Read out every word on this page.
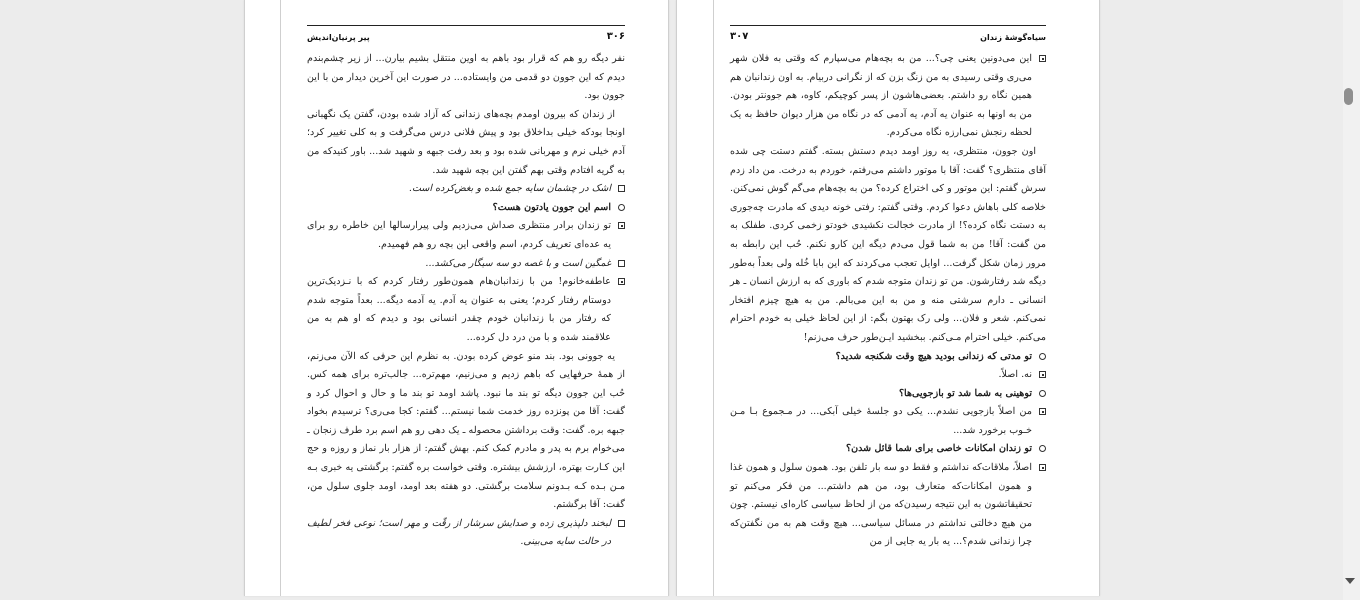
۳۰۶
پیر پرنیان‌اندیش

نفر دیگه رو هم که قرار بود باهم به اوین منتقل بشیم بیارن... از زیر چشم‌بندم دیدم که این جوون دو قدمی من وایستاده... در صورت این آخرین دیدار من با این جوون بود.

از زندان که بیرون اومدم بچه‌های زندانی که آزاد شده بودن، گفتن یک نگهبانی اونجا بودکه خیلی بداخلاق بود و پیش فلانی درس می‌گرفت و به کلی تغییر کرد؛ آدم خیلی نرم و مهربانی شده بود و بعد رفت جبهه و شهید شد... باور کنیدکه من به گریه افتادم وقتی بهم گفتن این بچه شهید شد.

اشک در چشمان سایه جمع شده و بغض‌کرده است.
اسم این جوون یادتون هست؟
تو زندان برادر منتظری صداش می‌زدیم ولی پیرارسالها این خاطره رو برای یه عده‌ای تعریف کردم، اسم واقعی این بچه رو هم فهمیدم.
غمگین است و با غصه دو سه سیگار می‌کشد...
عاطفه‌خانوم! من با زندانبان‌هام همون‌طور رفتار کردم که با نـزدیک‌ترین دوستام رفتار کردم؛ یعنی به عنوان یه آدم. یه آدمه دیگه... بعداً متوجه شدم که رفتار من با زندانبان خودم چقدر انسانی بود و دیدم که او هم به من علاقمند شده و با من درد دل کرده...

یه جوونی بود. بند منو عوض کرده بودن. به نظرم این حرفی که الآن می‌زنم، از همهٔ حرفهایی که باهم زدیم و می‌زنیم، مهم‌تره... جالب‌تره برای همه کس. حُب این جوون دیگه تو بند ما نبود. پاشد اومد تو بند ما و حال و احوال کرد و گفت: آقا من پونزده روز خدمت شما نیستم... گفتم: کجا می‌ری؟ ترسیدم بخواد جبهه بره. گفت: وقت برداشتن محصوله ـ یک دهی رو هم اسم برد طرف زنجان ـ می‌خوام برم به پدر و مادرم کمک کنم. بهش گفتم: از هزار بار نماز و روزه و حج این کـارت بهتره، ارزشش بیشتره. وقتی خواست بره گفتم: برگشتی یه خبری بـه مـن بـده کـه بـدونم سلامت برگشتی. دو هفته بعد اومد، اومد جلوی سلول من، گفت: آقا برگشتم.

لبخند دلپذیری زده و صدایش سرشار از رقّت و مهر است؛ نوعی فخر لطیف در حالت سایه می‌بینی.
سیاه‌گوشهٔ زندان
۳۰۷
این می‌دونین یعنی چی؟... من به بچه‌هام می‌سپارم که وقتی به فلان شهر می‌ری وقتی رسیدی به من زنگ بزن که از نگرانی دربیام. به اون زندانبان هم همین نگاه رو داشتم. بعضی‌هاشون از پسر کوچیکم، کاوه، هم جوونتر بودن. من به اونها به عنوان یه آدم، یه آدمی که در نگاه من هزار دیوان حافظ به یک لحظه رنجش نمی‌ارزه نگاه می‌کردم.

اون جوون، منتظری، یه روز اومد دیدم دستش بسته. گفتم دستت چی شده آقای منتظری؟ گفت: آقا با موتور داشتم می‌رفتم، خوردم به درخت. من داد زدم سرش گفتم: این موتور و کی اختراع کرده؟ من به بچه‌هام می‌گم گوش نمی‌کنن. خلاصه کلی باهاش دعوا کردم. وقتی گفتم: رفتی خونه دیدی که مادرت چه‌جوری به دستت نگاه کرده؟! از مادرت خجالت نکشیدی خودتو زخمی کردی. طفلک به من گفت: آقا! من به شما قول می‌دم دیگه این کارو نکنم. حُب این رابطه به مرور زمان شکل گرفت... اوایل تعجب می‌کردند که این بابا خُله ولی بعداً به‌طور دیگه شد رفتارشون. من تو زندان متوجه شدم که باوری که به ارزش انسان ـ هر انسانی ـ دارم سرشتی منه و من به این می‌بالم. من به هیچ چیزم افتخار نمی‌کنم. شعر و فلان... ولی رک بهتون بگم: از این لحاظ خیلی به خودم احترام می‌کنم. خیلی احترام مـی‌کنم. ببخشید ایـن‌طور حرف می‌زنم!

تو مدتی که زندانی بودید هیچ وقت شکنجه شدید؟
نه. اصلاً.
توهینی به شما شد تو بازجویی‌ها؟
من اصلاً بازجویی نشدم... یکی دو جلسهٔ خیلی آبکی... در مـجموع بـا مـن خـوب برخورد شد...
تو زندان امکانات خاصی برای شما قائل شدن؟
اصلاً، ملاقات‌که نداشتم و فقط دو سه بار تلفن بود. همون سلول و همون غذا و همون امکانات‌که متعارف بود، من هم داشتم... من فکر می‌کنم تو تحقیقاتشون به این نتیجه رسیدن‌که من از لحاظ سیاسی کاره‌ای نیستم. چون من هیچ دخالتی نداشتم در مسائل سیاسی... هیچ وقت هم به من نگفتن‌که چرا زندانی شدم؟... یه بار یه جایی از من
